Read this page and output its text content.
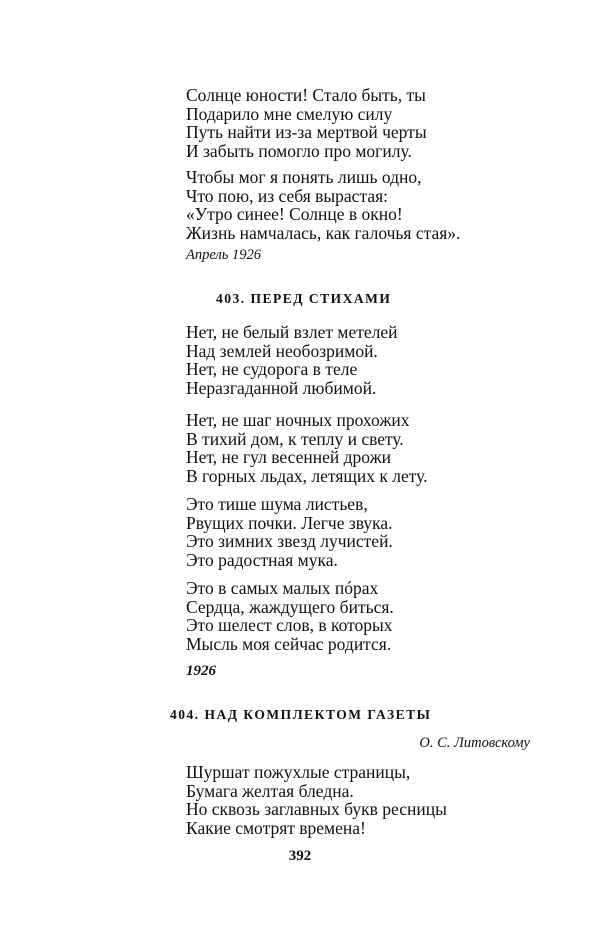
Солнце юности! Стало быть, ты
Подарило мне смелую силу
Путь найти из-за мертвой черты
И забыть помогло про могилу.
Чтобы мог я понять лишь одно,
Что пою, из себя вырастая:
«Утро синее! Солнце в окно!
Жизнь намчалась, как галочья стая».
Апрель 1926
403. ПЕРЕД СТИХАМИ
Нет, не белый взлет метелей
Над землей необозримой.
Нет, не судорога в теле
Неразгаданной любимой.
Нет, не шаг ночных прохожих
В тихий дом, к теплу и свету.
Нет, не гул весенней дрожи
В горных льдах, летящих к лету.
Это тише шума листьев,
Рвущих почки. Легче звука.
Это зимних звезд лучистей.
Это радостная мука.
Это в самых малых пóрах
Сердца, жаждущего биться.
Это шелест слов, в которых
Мысль моя сейчас родится.
1926
404. НАД КОМПЛЕКТОМ ГАЗЕТЫ
О. С. Литовскому
Шуршат пожухлые страницы,
Бумага желтая бледна.
Но сквозь заглавных букв ресницы
Какие смотрят времена!
392
